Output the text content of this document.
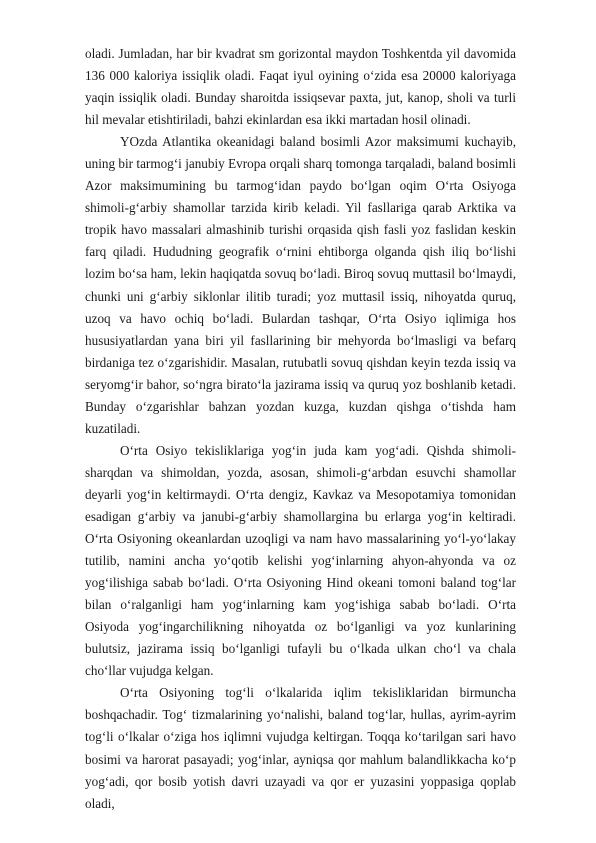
oladi. Jumladan, har bir kvadrat sm gorizontal maydon Toshkentda yil davomida 136 000 kaloriya issiqlik oladi. Faqat iyul oyining o‘zida esa 20000 kaloriyaga yaqin issiqlik oladi. Bunday sharoitda issiqsevar paxta, jut, kanop, sholi va turli hil mevalar etishtiriladi, bahzi ekinlardan esa ikki martadan hosil olinadi.

YOzda Atlantika okeanidagi baland bosimli Azor maksimumi kuchayib, uning bir tarmog‘i janubiy Evropa orqali sharq tomonga tarqaladi, baland bosimli Azor maksimumining bu tarmog‘idan paydo bo‘lgan oqim O‘rta Osiyoga shimoli-g‘arbiy shamollar tarzida kirib keladi. Yil fasllariga qarab Arktika va tropik havo massalari almashinib turishi orqasida qish fasli yoz faslidan keskin farq qiladi. Hududning geografik o‘rnini ehtiborga olganda qish iliq bo‘lishi lozim bo‘sa ham, lekin haqiqatda sovuq bo‘ladi. Biroq sovuq muttasil bo‘lmaydi, chunki uni g‘arbiy siklonlar ilitib turadi; yoz muttasil issiq, nihoyatda quruq, uzoq va havo ochiq bo‘ladi. Bulardan tashqar, O‘rta Osiyo iqlimiga hos hususiyatlardan yana biri yil fasllarining bir mehyorda bo‘lmasligi va befarq birdaniga tez o‘zgarishidir. Masalan, rutubatli sovuq qishdan keyin tezda issiq va seryomg‘ir bahor, so‘ngra birato‘la jazirama issiq va quruq yoz boshlanib ketadi. Bunday o‘zgarishlar bahzan yozdan kuzga, kuzdan qishga o‘tishda ham kuzatiladi.

O‘rta Osiyo tekisliklariga yog‘in juda kam yog‘adi. Qishda shimoli-sharqdan va shimoldan, yozda, asosan, shimoli-g‘arbdan esuvchi shamollar deyarli yog‘in keltirmaydi. O‘rta dengiz, Kavkaz va Mesopotamiya tomonidan esadigan g‘arbiy va janubi-g‘arbiy shamollargina bu erlarga yog‘in keltiradi. O‘rta Osiyoning okeanlardan uzoqligi va nam havo massalarining yo‘l-yo‘lakay tutilib, namini ancha yo‘qotib kelishi yog‘inlarning ahyon-ahyonda va oz yog‘ilishiga sabab bo‘ladi. O‘rta Osiyoning Hind okeani tomoni baland tog‘lar bilan o‘ralganligi ham yog‘inlarning kam yog‘ishiga sabab bo‘ladi. O‘rta Osiyoda yog‘ingarchilikning nihoyatda oz bo‘lganligi va yoz kunlarining bulutsiz, jazirama issiq bo‘lganligi tufayli bu o‘lkada ulkan cho‘l va chala cho‘llar vujudga kelgan.

O‘rta Osiyoning tog‘li o‘lkalarida iqlim tekisliklaridan birmuncha boshqachadir. Tog‘ tizmalarining yo‘nalishi, baland tog‘lar, hullas, ayrim-ayrim tog‘li o‘lkalar o‘ziga hos iqlimni vujudga keltirgan. Toqqa ko‘tarilgan sari havo bosimi va harorat pasayadi; yog‘inlar, ayniqsa qor mahlum balandlikkacha ko‘p yog‘adi, qor bosib yotish davri uzayadi va qor er yuzasini yoppasiga qoplab oladi,
